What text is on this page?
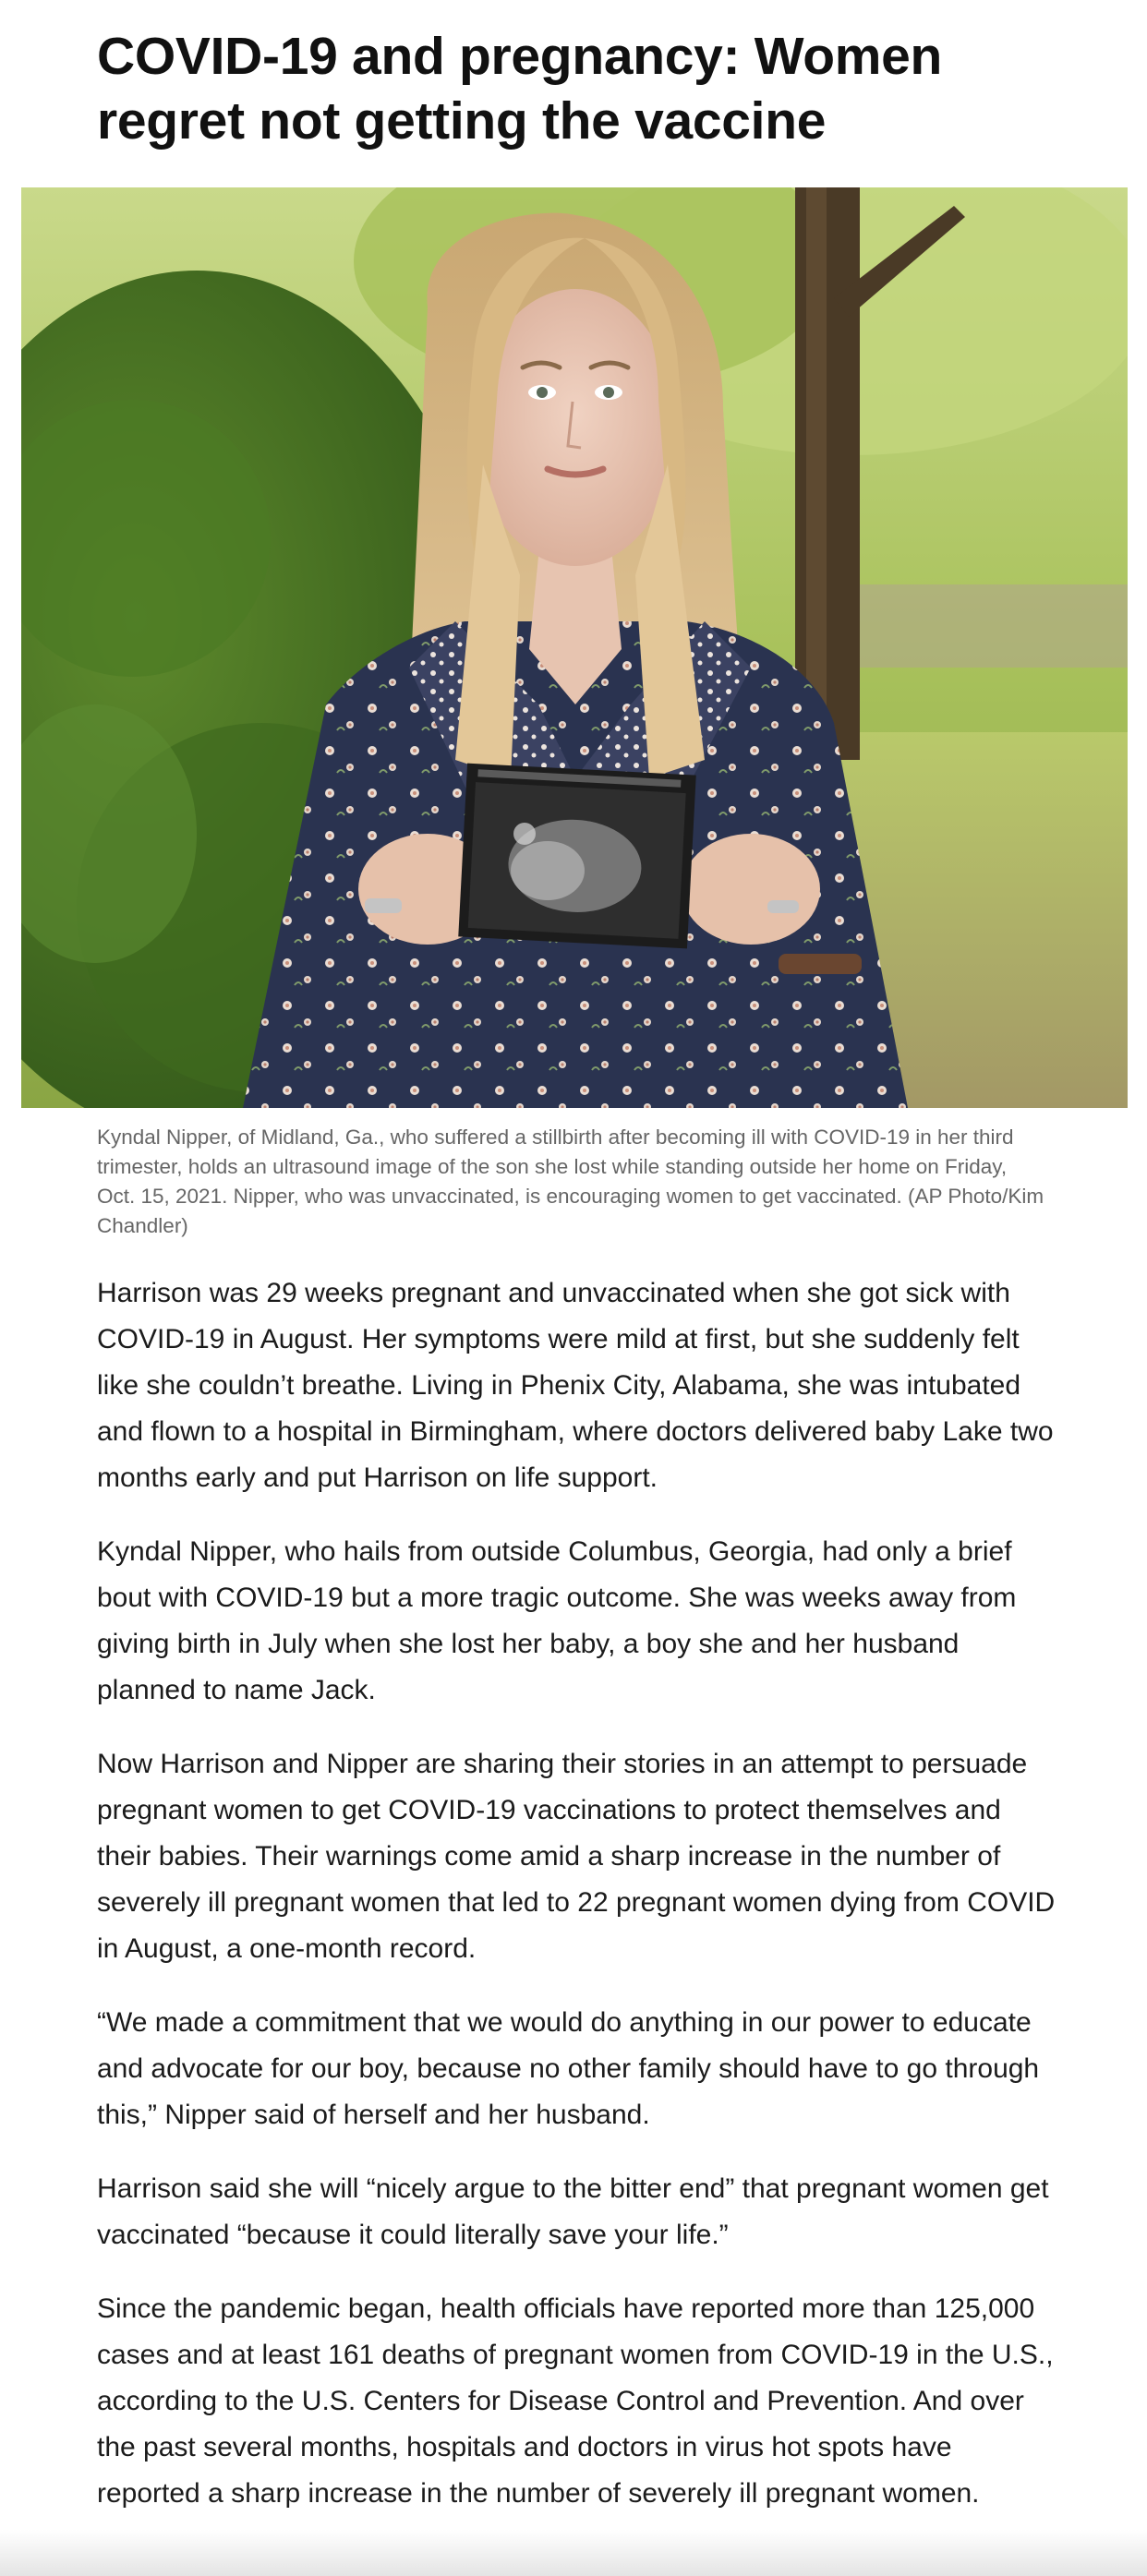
COVID-19 and pregnancy: Women regret not getting the vaccine

Kyndal Nipper, of Midland, Ga., who suffered a stillbirth after becoming ill with COVID-19 in her third trimester, holds an ultrasound image of the son she lost while standing outside her home on Friday, Oct. 15, 2021. Nipper, who was unvaccinated, is encouraging women to get vaccinated. (AP Photo/Kim Chandler)

Harrison was 29 weeks pregnant and unvaccinated when she got sick with COVID-19 in August. Her symptoms were mild at first, but she suddenly felt like she couldn’t breathe. Living in Phenix City, Alabama, she was intubated and flown to a hospital in Birmingham, where doctors delivered baby Lake two months early and put Harrison on life support.

Kyndal Nipper, who hails from outside Columbus, Georgia, had only a brief bout with COVID-19 but a more tragic outcome. She was weeks away from giving birth in July when she lost her baby, a boy she and her husband planned to name Jack.

Now Harrison and Nipper are sharing their stories in an attempt to persuade pregnant women to get COVID-19 vaccinations to protect themselves and their babies. Their warnings come amid a sharp increase in the number of severely ill pregnant women that led to 22 pregnant women dying from COVID in August, a one-month record.

“We made a commitment that we would do anything in our power to educate and advocate for our boy, because no other family should have to go through this,” Nipper said of herself and her husband.

Harrison said she will “nicely argue to the bitter end” that pregnant women get vaccinated “because it could literally save your life.”

Since the pandemic began, health officials have reported more than 125,000 cases and at least 161 deaths of pregnant women from COVID-19 in the U.S., according to the U.S. Centers for Disease Control and Prevention. And over the past several months, hospitals and doctors in virus hot spots have reported a sharp increase in the number of severely ill pregnant women.
